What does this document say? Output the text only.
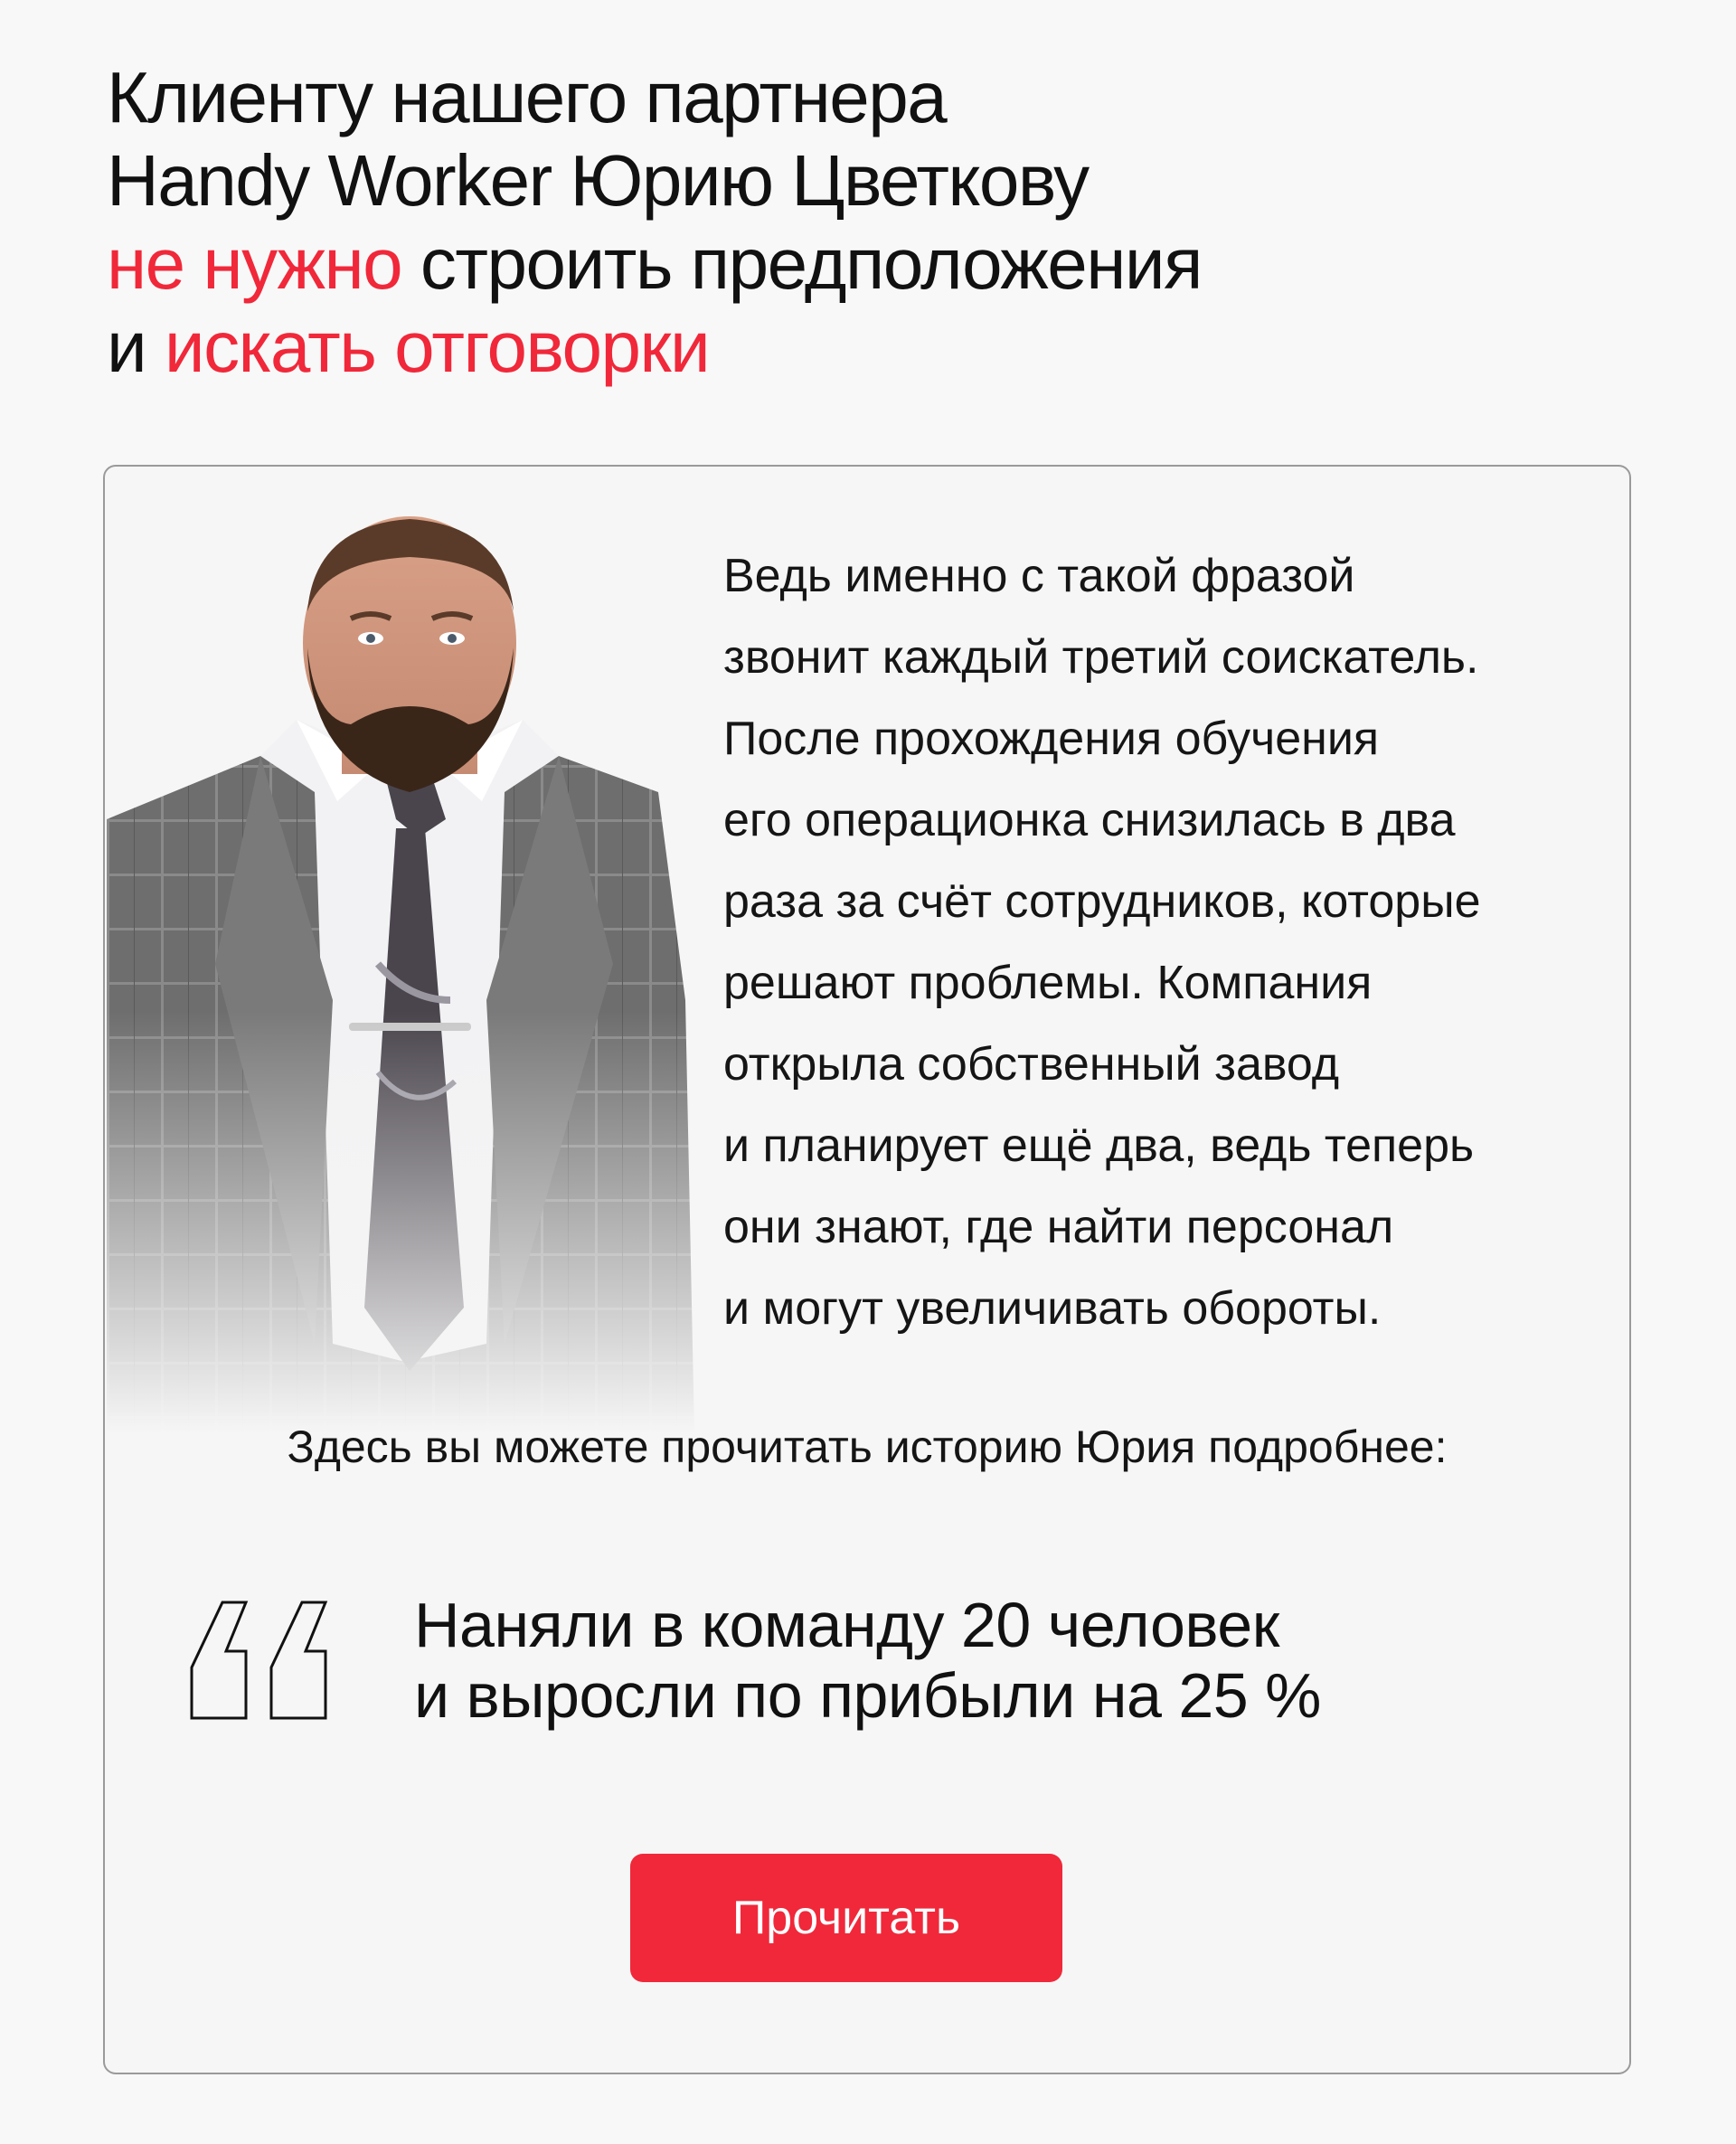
Клиенту нашего партнера
Handy Worker Юрию Цветкову
не нужно строить предположения
и искать отговорки

Ведь именно с такой фразой
звонит каждый третий соискатель.
После прохождения обучения
его операционка снизилась в два
раза за счёт сотрудников, которые
решают проблемы. Компания
открыла собственный завод
и планирует ещё два, ведь теперь
они знают, где найти персонал
и могут увеличивать обороты.

Здесь вы можете прочитать историю Юрия подробнее:

Наняли в команду 20 человек
и выросли по прибыли на 25 %

Прочитать
